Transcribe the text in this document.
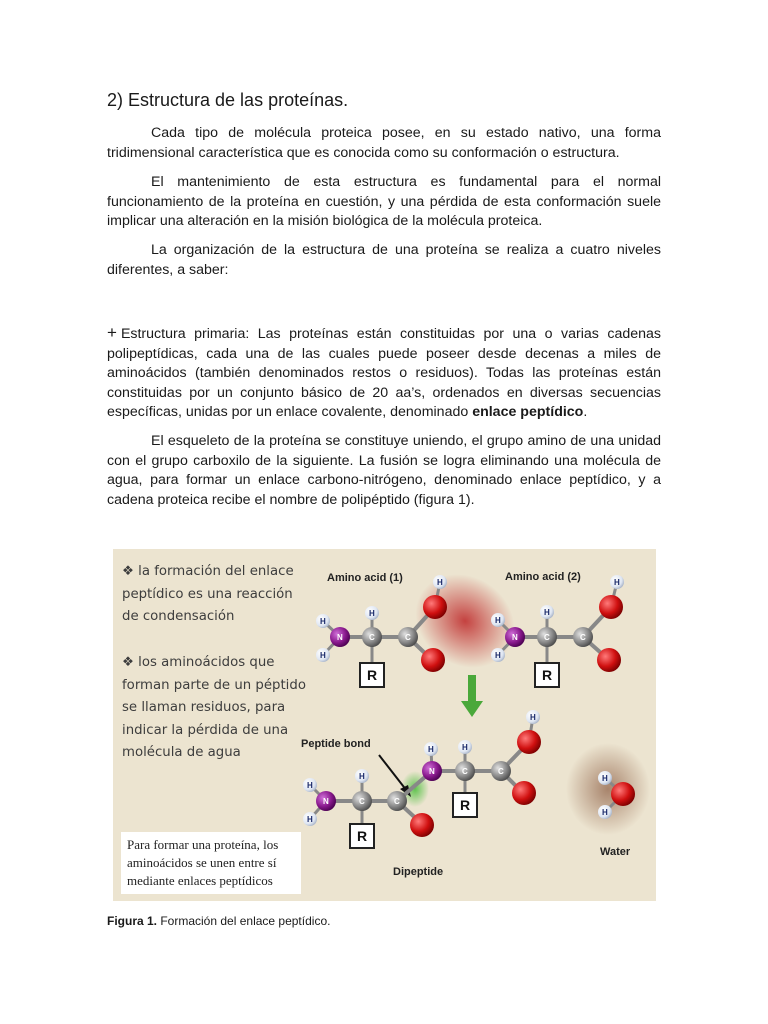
2) Estructura de las proteínas.

Cada tipo de molécula proteica posee, en su estado nativo, una forma tridimensional característica que es conocida como su conformación o estructura.

El mantenimiento de esta estructura es fundamental para el normal funcionamiento de la proteína en cuestión, y una pérdida de esta conformación suele implicar una alteración en la misión biológica de la molécula proteica.

La organización de la estructura de una proteína se realiza a cuatro niveles diferentes, a saber:

+ Estructura primaria: Las proteínas están constituidas por una o varias cadenas polipeptídicas, cada una de las cuales puede poseer desde decenas a miles de aminoácidos (también denominados restos o residuos). Todas las proteínas están constituidas por un conjunto básico de 20 aa’s, ordenados en diversas secuencias específicas, unidas por un enlace covalente, denominado enlace peptídico.

El esqueleto de la proteína se constituye uniendo, el grupo amino de una unidad con el grupo carboxilo de la siguiente. La fusión se logra eliminando una molécula de agua, para formar un enlace carbono-nitrógeno, denominado enlace peptídico, y a cadena proteica recibe el nombre de polipéptido (figura 1).

❖ la formación del enlace peptídico es una reacción de condensación
❖ los aminoácidos que forman parte de un péptido se llaman residuos, para indicar la pérdida de una molécula de agua
Para formar una proteína, los aminoácidos se unen entre sí mediante enlaces peptídicos
Amino acid (1)	Amino acid (2)
Peptide bond
Dipeptide
Water
H
H
N
H
C	C
H
R
H
H
N
H
C	C
H
R
H
H
N
H
C	C
R
H
N
H
C	C
H
R
H
H

Figura 1. Formación del enlace peptídico.
